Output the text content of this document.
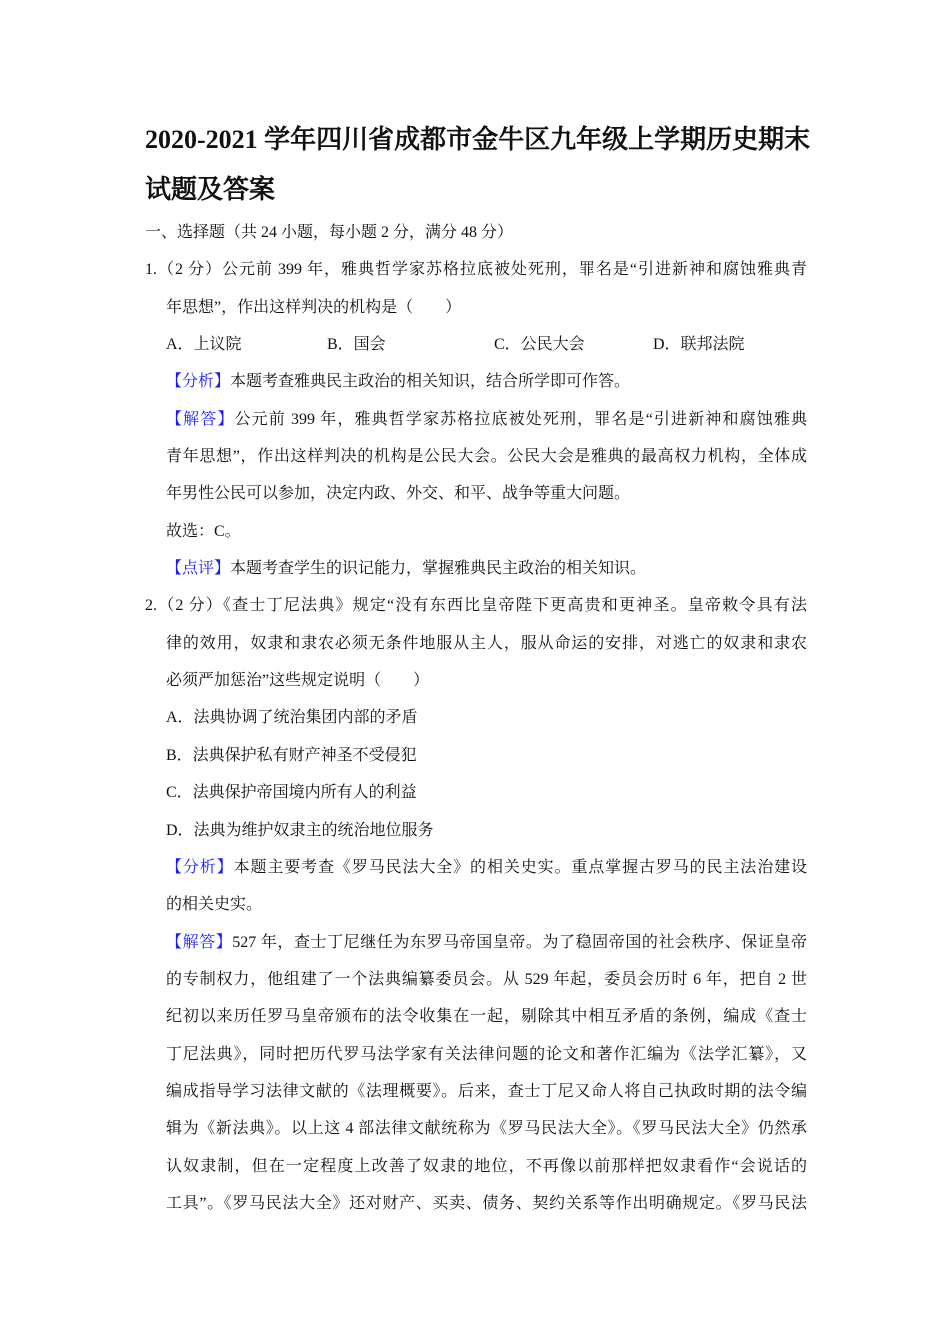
2020-2021 学年四川省成都市金牛区九年级上学期历史期末
试题及答案
一、选择题（共 24 小题，每小题 2 分，满分 48 分）
1.（2 分）公元前 399 年，雅典哲学家苏格拉底被处死刑，罪名是“引进新神和腐蚀雅典青
年思想”，作出这样判决的机构是（　　）
A．上议院	B．国会	C．公民大会	D．联邦法院
【分析】本题考查雅典民主政治的相关知识，结合所学即可作答。
【解答】公元前 399 年，雅典哲学家苏格拉底被处死刑，罪名是“引进新神和腐蚀雅典
青年思想”，作出这样判决的机构是公民大会。公民大会是雅典的最高权力机构，全体成
年男性公民可以参加，决定内政、外交、和平、战争等重大问题。
故选：C。
【点评】本题考查学生的识记能力，掌握雅典民主政治的相关知识。
2.（2 分）《查士丁尼法典》规定“没有东西比皇帝陛下更高贵和更神圣。皇帝敕令具有法
律的效用，奴隶和隶农必须无条件地服从主人，服从命运的安排，对逃亡的奴隶和隶农
必须严加惩治”这些规定说明（　　）
A．法典协调了统治集团内部的矛盾
B．法典保护私有财产神圣不受侵犯
C．法典保护帝国境内所有人的利益
D．法典为维护奴隶主的统治地位服务
【分析】本题主要考查《罗马民法大全》的相关史实。重点掌握古罗马的民主法治建设
的相关史实。
【解答】527 年，查士丁尼继任为东罗马帝国皇帝。为了稳固帝国的社会秩序、保证皇帝
的专制权力，他组建了一个法典编纂委员会。从 529 年起，委员会历时 6 年，把自 2 世
纪初以来历任罗马皇帝颁布的法令收集在一起，剔除其中相互矛盾的条例，编成《查士
丁尼法典》，同时把历代罗马法学家有关法律问题的论文和著作汇编为《法学汇纂》，又
编成指导学习法律文献的《法理概要》。后来，查士丁尼又命人将自己执政时期的法令编
辑为《新法典》。以上这 4 部法律文献统称为《罗马民法大全》。《罗马民法大全》仍然承
认奴隶制，但在一定程度上改善了奴隶的地位，不再像以前那样把奴隶看作“会说话的
工具”。《罗马民法大全》还对财产、买卖、债务、契约关系等作出明确规定。《罗马民法
